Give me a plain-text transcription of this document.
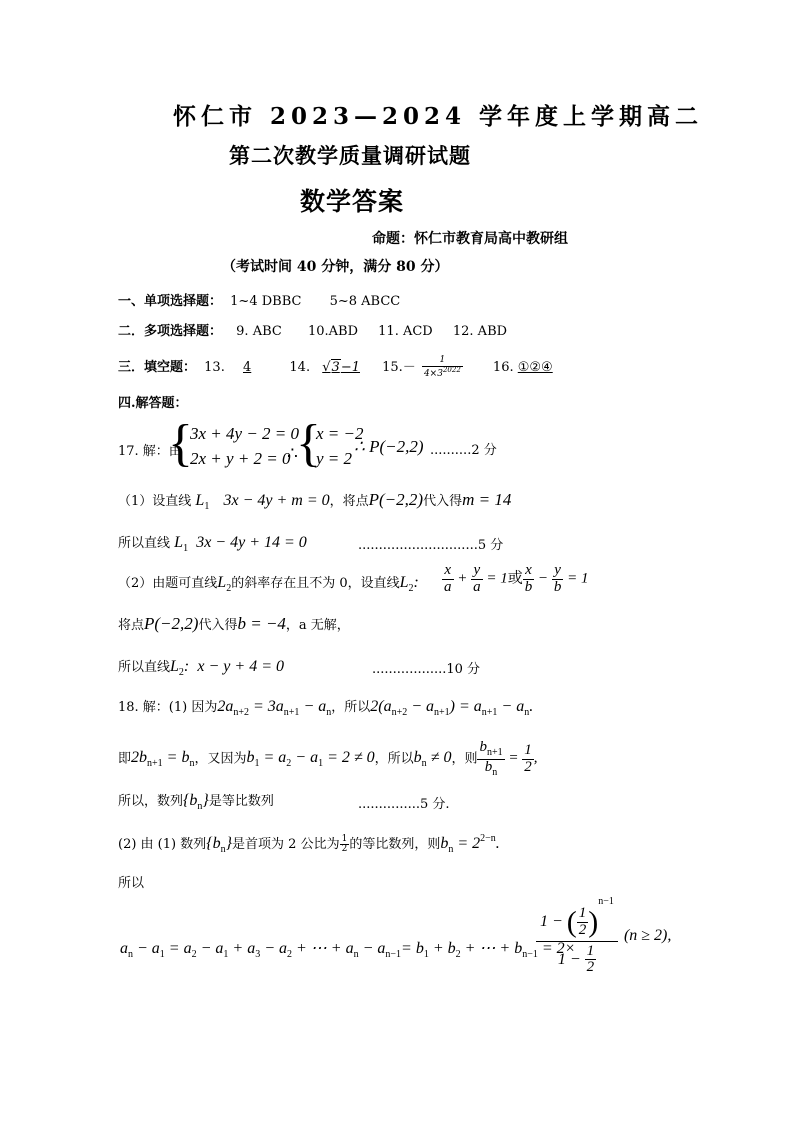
怀仁市 2023—2024 学年度上学期高二
第二次教学质量调研试题
数学答案
命题：怀仁市教育局高中教研组
（考试时间 40 分钟，满分 80 分）
一、单项选择题： 1~4 DBBC 5~8 ABCC
二．多项选择题： 9. ABC 10.ABD 11. ACD 12. ABD
三．填空题： 13. 4	14. √3−1 $15.- \frac{1}{4\times 3^{2022}} 16$. ①②④
四.解答题：
17. 解：由
{
3x + 4y − 2 = 0
2x + y + 2 = 0
∴
{
x = −2
y = 2
∴ P(−2,2) ..........2 分
（1）设直线 $L_1$ 3x − 4y + m = 0，将点P(−2,2)代入得m = 14
所以直线 $L_1$ 3x − 4y + 14 = 0	.............................5 分
（2）由题可直线$L_2$的斜率存在且不为 0，设直线$L_2$: $\frac{x}{a} + \frac{y}{a} = 1$或 $\frac{x}{b} - \frac{y}{b} = 1$
将点P(−2,2)代入得b = −4，a 无解，
所以直线$L_2$: x − y + 4 = 0	..................10 分
18. 解：(1) 因为$2a_{n+2} = 3a_{n+1} - a_n$，所以$2(a_{n+2} - a_{n+1}) = a_{n+1} - a_n$.
即$2b_{n+1} = b_n$，又因为$b_1 = a_2 - a_1 = 2 \ne 0$，所以$b_n \ne 0$，则 $\frac{b_{n+1}}{b_n} = \frac{1}{2}$ ,
所以，数列$\{b_n\}$是等比数列	...............5 分.
(2) 由 (1) 数列$\{b_n\}$是首项为 2 公比为 $\frac{1}{2}$ 的等比数列，则$b_n = 2^{2-n}$.
所以
$a_n - a_1 = a_2 - a_1 + a_3 - a_2$ + ⋯ + $a_n - a_{n-1}= b_1 + b_2$ + ⋯ + $b_{n-1} = 2\times$
$\frac{1 - ( \frac{1}{2} )^{n-1}}{1 - \frac{1}{2}} (n \ge 2)$,
